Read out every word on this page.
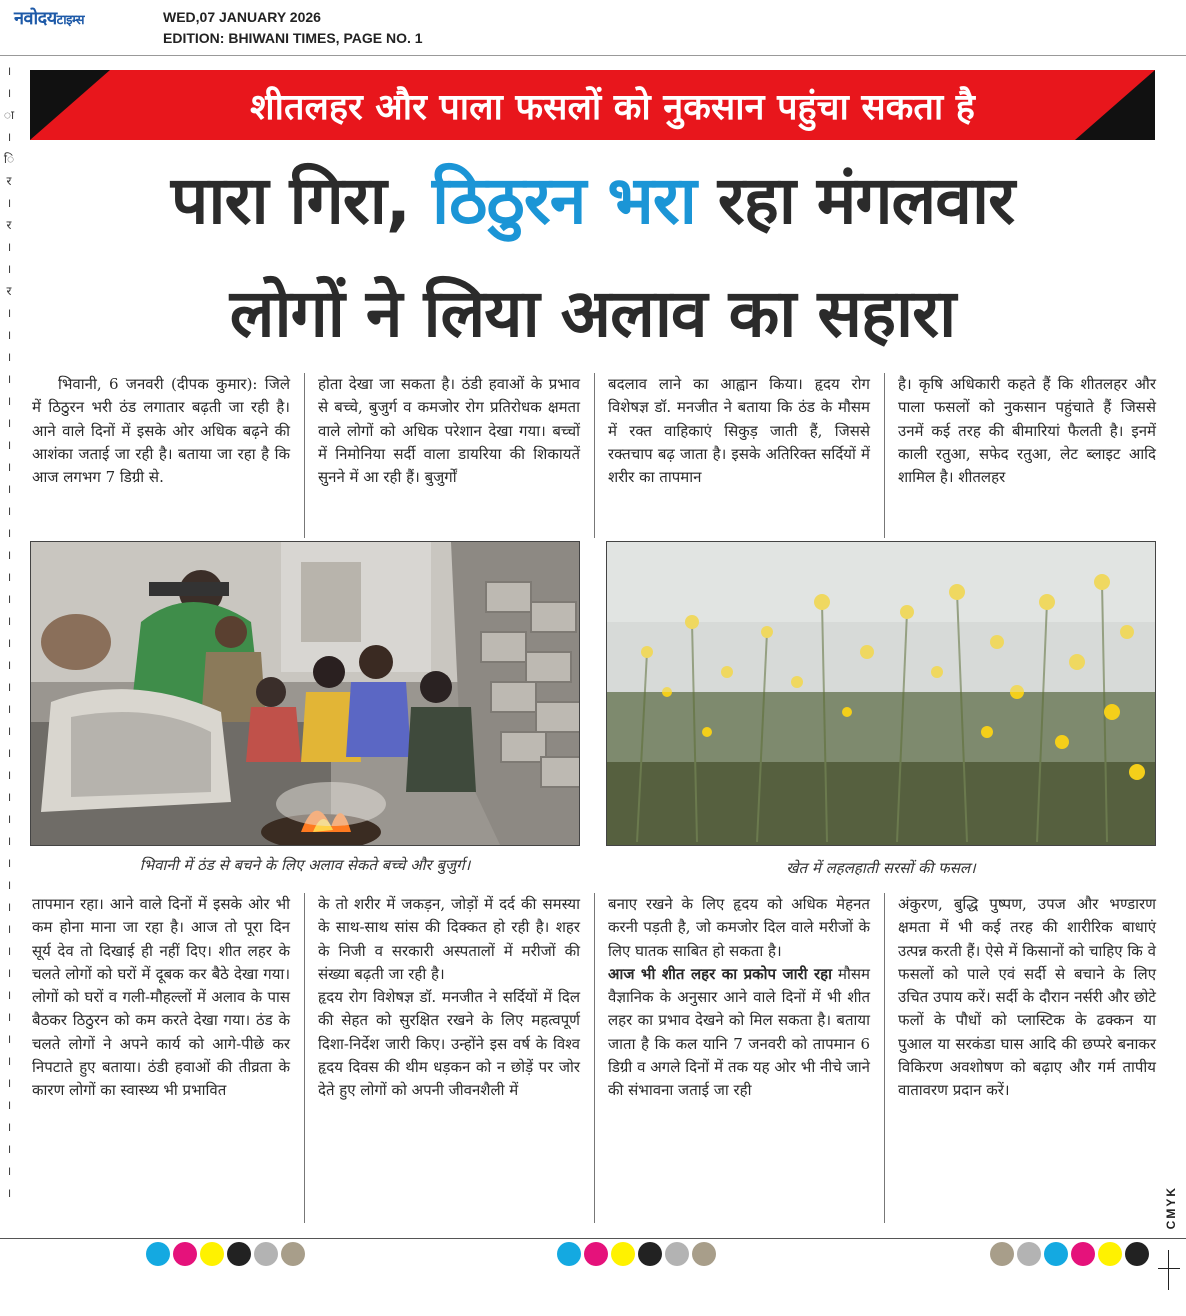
नवोदयटाइम्स	WED,07 JANUARY 2026
EDITION: BHIWANI TIMES, PAGE NO. 1
।
।
ा
।
ि
र
।
र
।
।
र
।
।
।
।
।
।
।
।
।
।
।
।
।
।
।
।
।
।
।
।
।
।
।
।
।
।
।
।
।
।
।
।
।
।
।
।
।
।
।
।
।
शीतलहर और पाला फसलों को नुकसान पहुंचा सकता है
पारा गिरा, ठिठुरन भरा रहा मंगलवार
लोगों ने लिया अलाव का सहारा
भिवानी, 6 जनवरी (दीपक कुमार): जिले में ठिठुरन भरी ठंड लगातार बढ़ती जा रही है। आने वाले दिनों में इसके ओर अधिक बढ़ने की आशंका जताई जा रही है। बताया जा रहा है कि आज लगभग 7 डिग्री से.
होता देखा जा सकता है। ठंडी हवाओं के प्रभाव से बच्चे, बुजुर्ग व कमजोर रोग प्रतिरोधक क्षमता वाले लोगों को अधिक परेशान देखा गया। बच्चों में निमोनिया सर्दी वाला डायरिया की शिकायतें सुनने में आ रही हैं। बुजुर्गों
बदलाव लाने का आह्वान किया। हृदय रोग विशेषज्ञ डॉ. मनजीत ने बताया कि ठंड के मौसम में रक्त वाहिकाएं सिकुड़ जाती हैं, जिससे रक्तचाप बढ़ जाता है। इसके अतिरिक्त सर्दियों में शरीर का तापमान
है। कृषि अधिकारी कहते हैं कि शीतलहर और पाला फसलों को नुकसान पहुंचाते हैं जिससे उनमें कई तरह की बीमारियां फैलती है। इनमें काली रतुआ, सफेद रतुआ, लेट ब्लाइट आदि शामिल है। शीतलहर
भिवानी में ठंड से बचने के लिए अलाव सेकते बच्चे और बुजुर्ग।	खेत में लहलहाती सरसों की फसल।
तापमान रहा। आने वाले दिनों में इसके ओर भी कम होना माना जा रहा है। आज तो पूरा दिन सूर्य देव तो दिखाई ही नहीं दिए। शीत लहर के चलते लोगों को घरों में दूबक कर बैठे देखा गया। लोगों को घरों व गली-मौहल्लों में अलाव के पास बैठकर ठिठुरन को कम करते देखा गया। ठंड के चलते लोगों ने अपने कार्य को आगे-पीछे कर निपटाते हुए बताया। ठंडी हवाओं की तीव्रता के कारण लोगों का स्वास्थ्य भी प्रभावित

के तो शरीर में जकड़न, जोड़ों में दर्द की समस्या के साथ-साथ सांस की दिक्कत हो रही है। शहर के निजी व सरकारी अस्पतालों में मरीजों की संख्या बढ़ती जा रही है।

हृदय रोग विशेषज्ञ डॉ. मनजीत ने सर्दियों में दिल की सेहत को सुरक्षित रखने के लिए महत्वपूर्ण दिशा-निर्देश जारी किए। उन्होंने इस वर्ष के विश्व हृदय दिवस की थीम धड़कन को न छोड़ें पर जोर देते हुए लोगों को अपनी जीवनशैली में

बनाए रखने के लिए हृदय को अधिक मेहनत करनी पड़ती है, जो कमजोर दिल वाले मरीजों के लिए घातक साबित हो सकता है।

आज भी शीत लहर का प्रकोप जारी रहा मौसम वैज्ञानिक के अनुसार आने वाले दिनों में भी शीत लहर का प्रभाव देखने को मिल सकता है। बताया जाता है कि कल यानि 7 जनवरी को तापमान 6 डिग्री व अगले दिनों में तक यह ओर भी नीचे जाने की संभावना जताई जा रही

अंकुरण, बुद्धि पुष्पण, उपज और भण्डारण क्षमता में भी कई तरह की शारीरिक बाधाएं उत्पन्न करती हैं। ऐसे में किसानों को चाहिए कि वे फसलों को पाले एवं सर्दी से बचाने के लिए उचित उपाय करें। सर्दी के दौरान नर्सरी और छोटे फलों के पौधों को प्लास्टिक के ढक्कन या पुआल या सरकंडा घास आदि की छप्परे बनाकर विकिरण अवशोषण को बढ़ाए और गर्म तापीय वातावरण प्रदान करें।
CMYK
